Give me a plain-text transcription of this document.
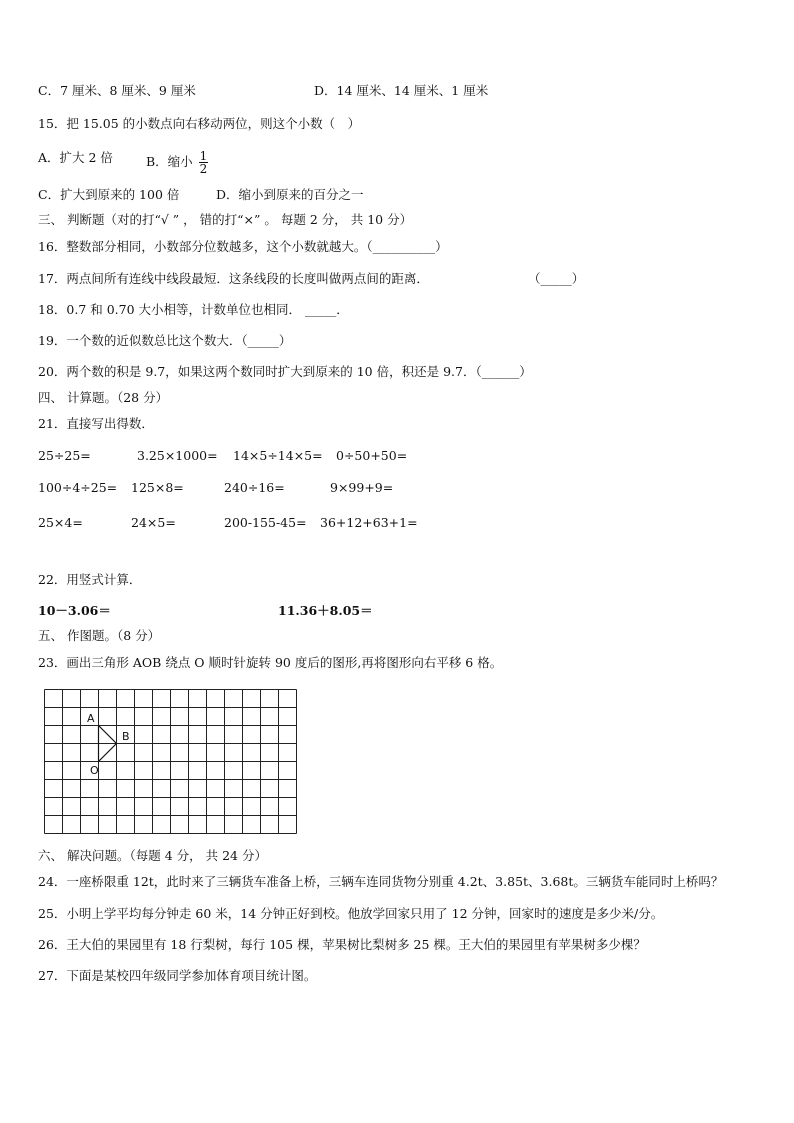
C．7 厘米、8 厘米、9 厘米	D．14 厘米、14 厘米、1 厘米
15．把 15.05 的小数点向右移动两位，则这个小数（　）
A．扩大 2 倍	B．缩小 $\frac{1}{2}$
C．扩大到原来的 100 倍	D．缩小到原来的百分之一
三、 判断题（对的打“√ ” ， 错的打“×” 。 每题 2 分， 共 10 分）
16．整数部分相同，小数部分位数越多，这个小数就越大。（__________）
17．两点间所有连线中线段最短．这条线段的长度叫做两点间的距离．	（_____）
18．0.7 和 0.70 大小相等，计数单位也相同． _____．
19．一个数的近似数总比这个数大．（_____）
20．两个数的积是 9.7，如果这两个数同时扩大到原来的 10 倍，积还是 9.7．（______）
四、 计算题。（28 分）
21．直接写出得数．
25÷25=	3.25×1000= 14×5÷14×5= 0÷50+50=
100÷4÷25= 125×8=	240÷16=	9×99+9=
25×4=	24×5=	200-155-45= 36+12+63+1=
22．用竖式计算．
10－3.06＝	11.36＋8.05＝
五、 作图题。（8 分）
23．画出三角形 AOB 绕点 O 顺时针旋转 90 度后的图形,再将图形向右平移 6 格。
A
B
O
六、 解决问题。（每题 4 分， 共 24 分）
24．一座桥限重 12t，此时来了三辆货车准备上桥，三辆车连同货物分别重 4.2t、3.85t、3.68t。三辆货车能同时上桥吗？
25．小明上学平均每分钟走 60 米，14 分钟正好到校。他放学回家只用了 12 分钟，回家时的速度是多少米/分。
26．王大伯的果园里有 18 行梨树，每行 105 棵，苹果树比梨树多 25 棵。王大伯的果园里有苹果树多少棵？
27．下面是某校四年级同学参加体育项目统计图。
